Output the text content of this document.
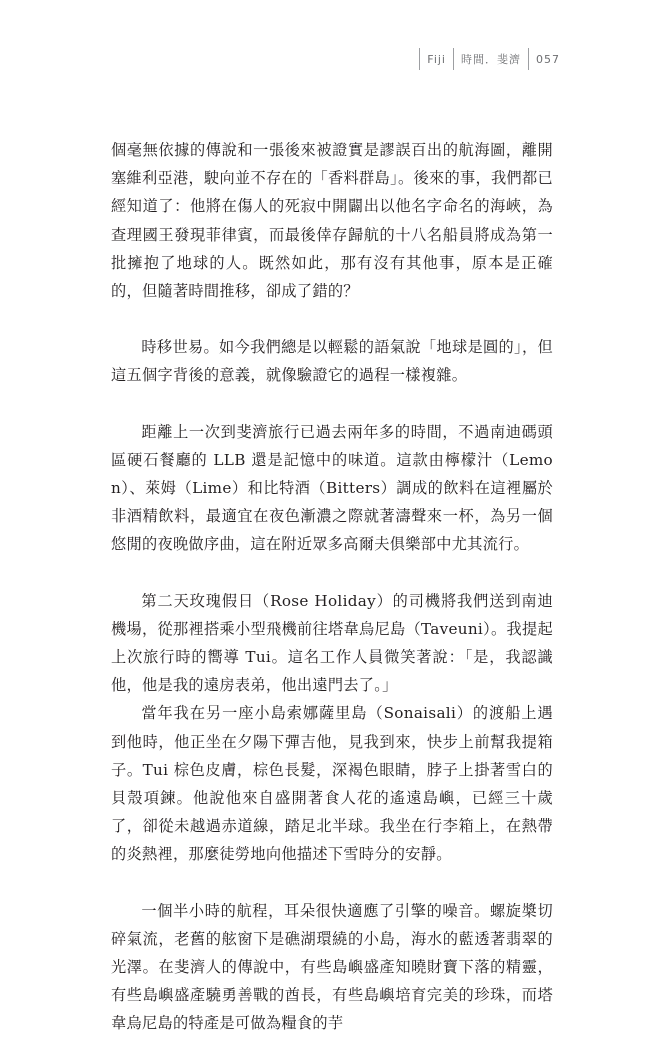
Fiji 時間．斐濟 057

個毫無依據的傳說和一張後來被證實是謬誤百出的航海圖，離開塞維利亞港，駛向並不存在的「香料群島」。後來的事，我們都已經知道了：他將在傷人的死寂中開闢出以他名字命名的海峽，為查理國王發現菲律賓，而最後倖存歸航的十八名船員將成為第一批擁抱了地球的人。既然如此，那有沒有其他事，原本是正確的，但隨著時間推移，卻成了錯的？

時移世易。如今我們總是以輕鬆的語氣說「地球是圓的」，但這五個字背後的意義，就像驗證它的過程一樣複雜。

距離上一次到斐濟旅行已過去兩年多的時間，不過南迪碼頭區硬石餐廳的 LLB 還是記憶中的味道。這款由檸檬汁（Lemon）、萊姆（Lime）和比特酒（Bitters）調成的飲料在這裡屬於非酒精飲料，最適宜在夜色漸濃之際就著濤聲來一杯，為另一個悠閒的夜晚做序曲，這在附近眾多高爾夫俱樂部中尤其流行。

第二天玫瑰假日（Rose Holiday）的司機將我們送到南迪機場，從那裡搭乘小型飛機前往塔韋烏尼島（Taveuni）。我提起上次旅行時的嚮導 Tui。這名工作人員微笑著說：「是，我認識他，他是我的遠房表弟，他出遠門去了。」

當年我在另一座小島索娜薩里島（Sonaisali）的渡船上遇到他時，他正坐在夕陽下彈吉他，見我到來，快步上前幫我提箱子。Tui 棕色皮膚，棕色長髮，深褐色眼睛，脖子上掛著雪白的貝殼項鍊。他說他來自盛開著食人花的遙遠島嶼，已經三十歲了，卻從未越過赤道線，踏足北半球。我坐在行李箱上，在熱帶的炎熱裡，那麼徒勞地向他描述下雪時分的安靜。

一個半小時的航程，耳朵很快適應了引擎的噪音。螺旋槳切碎氣流，老舊的舷窗下是礁湖環繞的小島，海水的藍透著翡翠的光澤。在斐濟人的傳說中，有些島嶼盛產知曉財寶下落的精靈，有些島嶼盛產驍勇善戰的酋長，有些島嶼培育完美的珍珠，而塔韋烏尼島的特產是可做為糧食的芋
